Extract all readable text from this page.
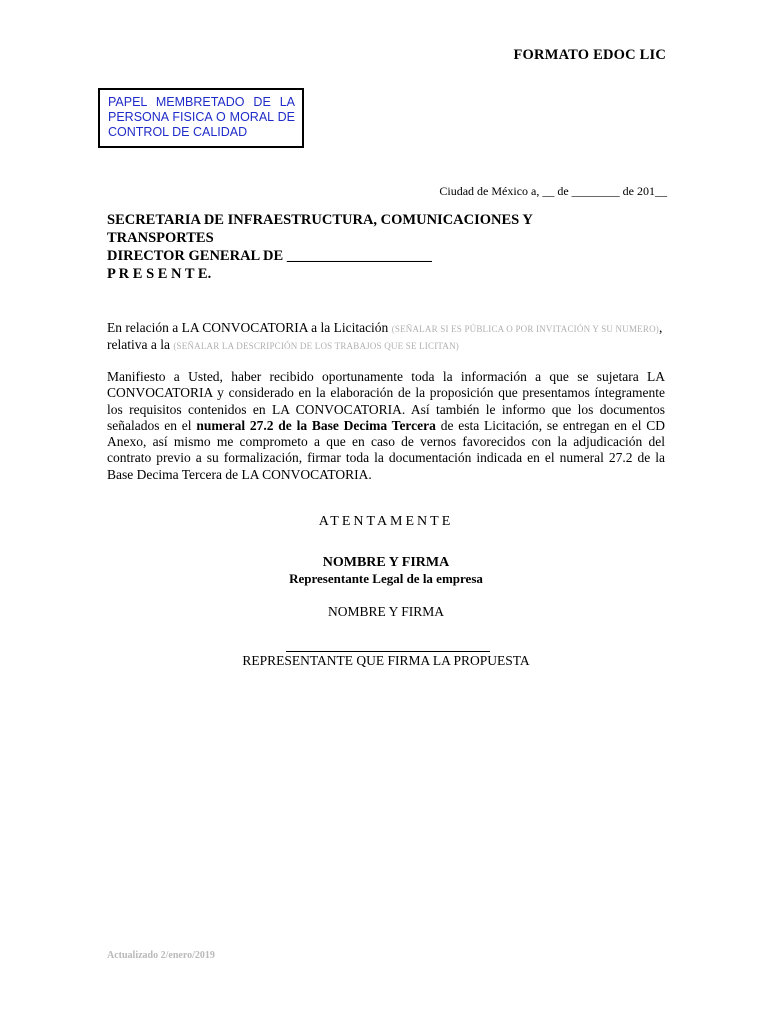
FORMATO EDOC LIC

PAPEL MEMBRETADO DE LA PERSONA FISICA O MORAL DE CONTROL DE CALIDAD

Ciudad de México a, __ de ________ de 201__
SECRETARIA DE INFRAESTRUCTURA, COMUNICACIONES Y TRANSPORTES
DIRECTOR GENERAL DE ____________________
P R E S E N T E.
En relación a LA CONVOCATORIA a la Licitación (SEÑALAR SI ES PÚBLICA O POR INVITACIÓN Y SU NUMERO), relativa a la (SEÑALAR LA DESCRIPCIÓN DE LOS TRABAJOS QUE SE LICITAN)
Manifiesto a Usted, haber recibido oportunamente toda la información a que se sujetara LA CONVOCATORIA y considerado en la elaboración de la proposición que presentamos íntegramente los requisitos contenidos en LA CONVOCATORIA. Así también le informo que los documentos señalados en el numeral 27.2 de la Base Decima Tercera de esta Licitación, se entregan en el CD Anexo, así mismo me comprometo a que en caso de vernos favorecidos con la adjudicación del contrato previo a su formalización, firmar toda la documentación indicada en el numeral 27.2 de la Base Decima Tercera de LA CONVOCATORIA.
ATENTAMENTE
NOMBRE Y FIRMA
Representante Legal de la empresa
NOMBRE Y FIRMA
REPRESENTANTE QUE FIRMA LA PROPUESTA
Actualizado 2/enero/2019
